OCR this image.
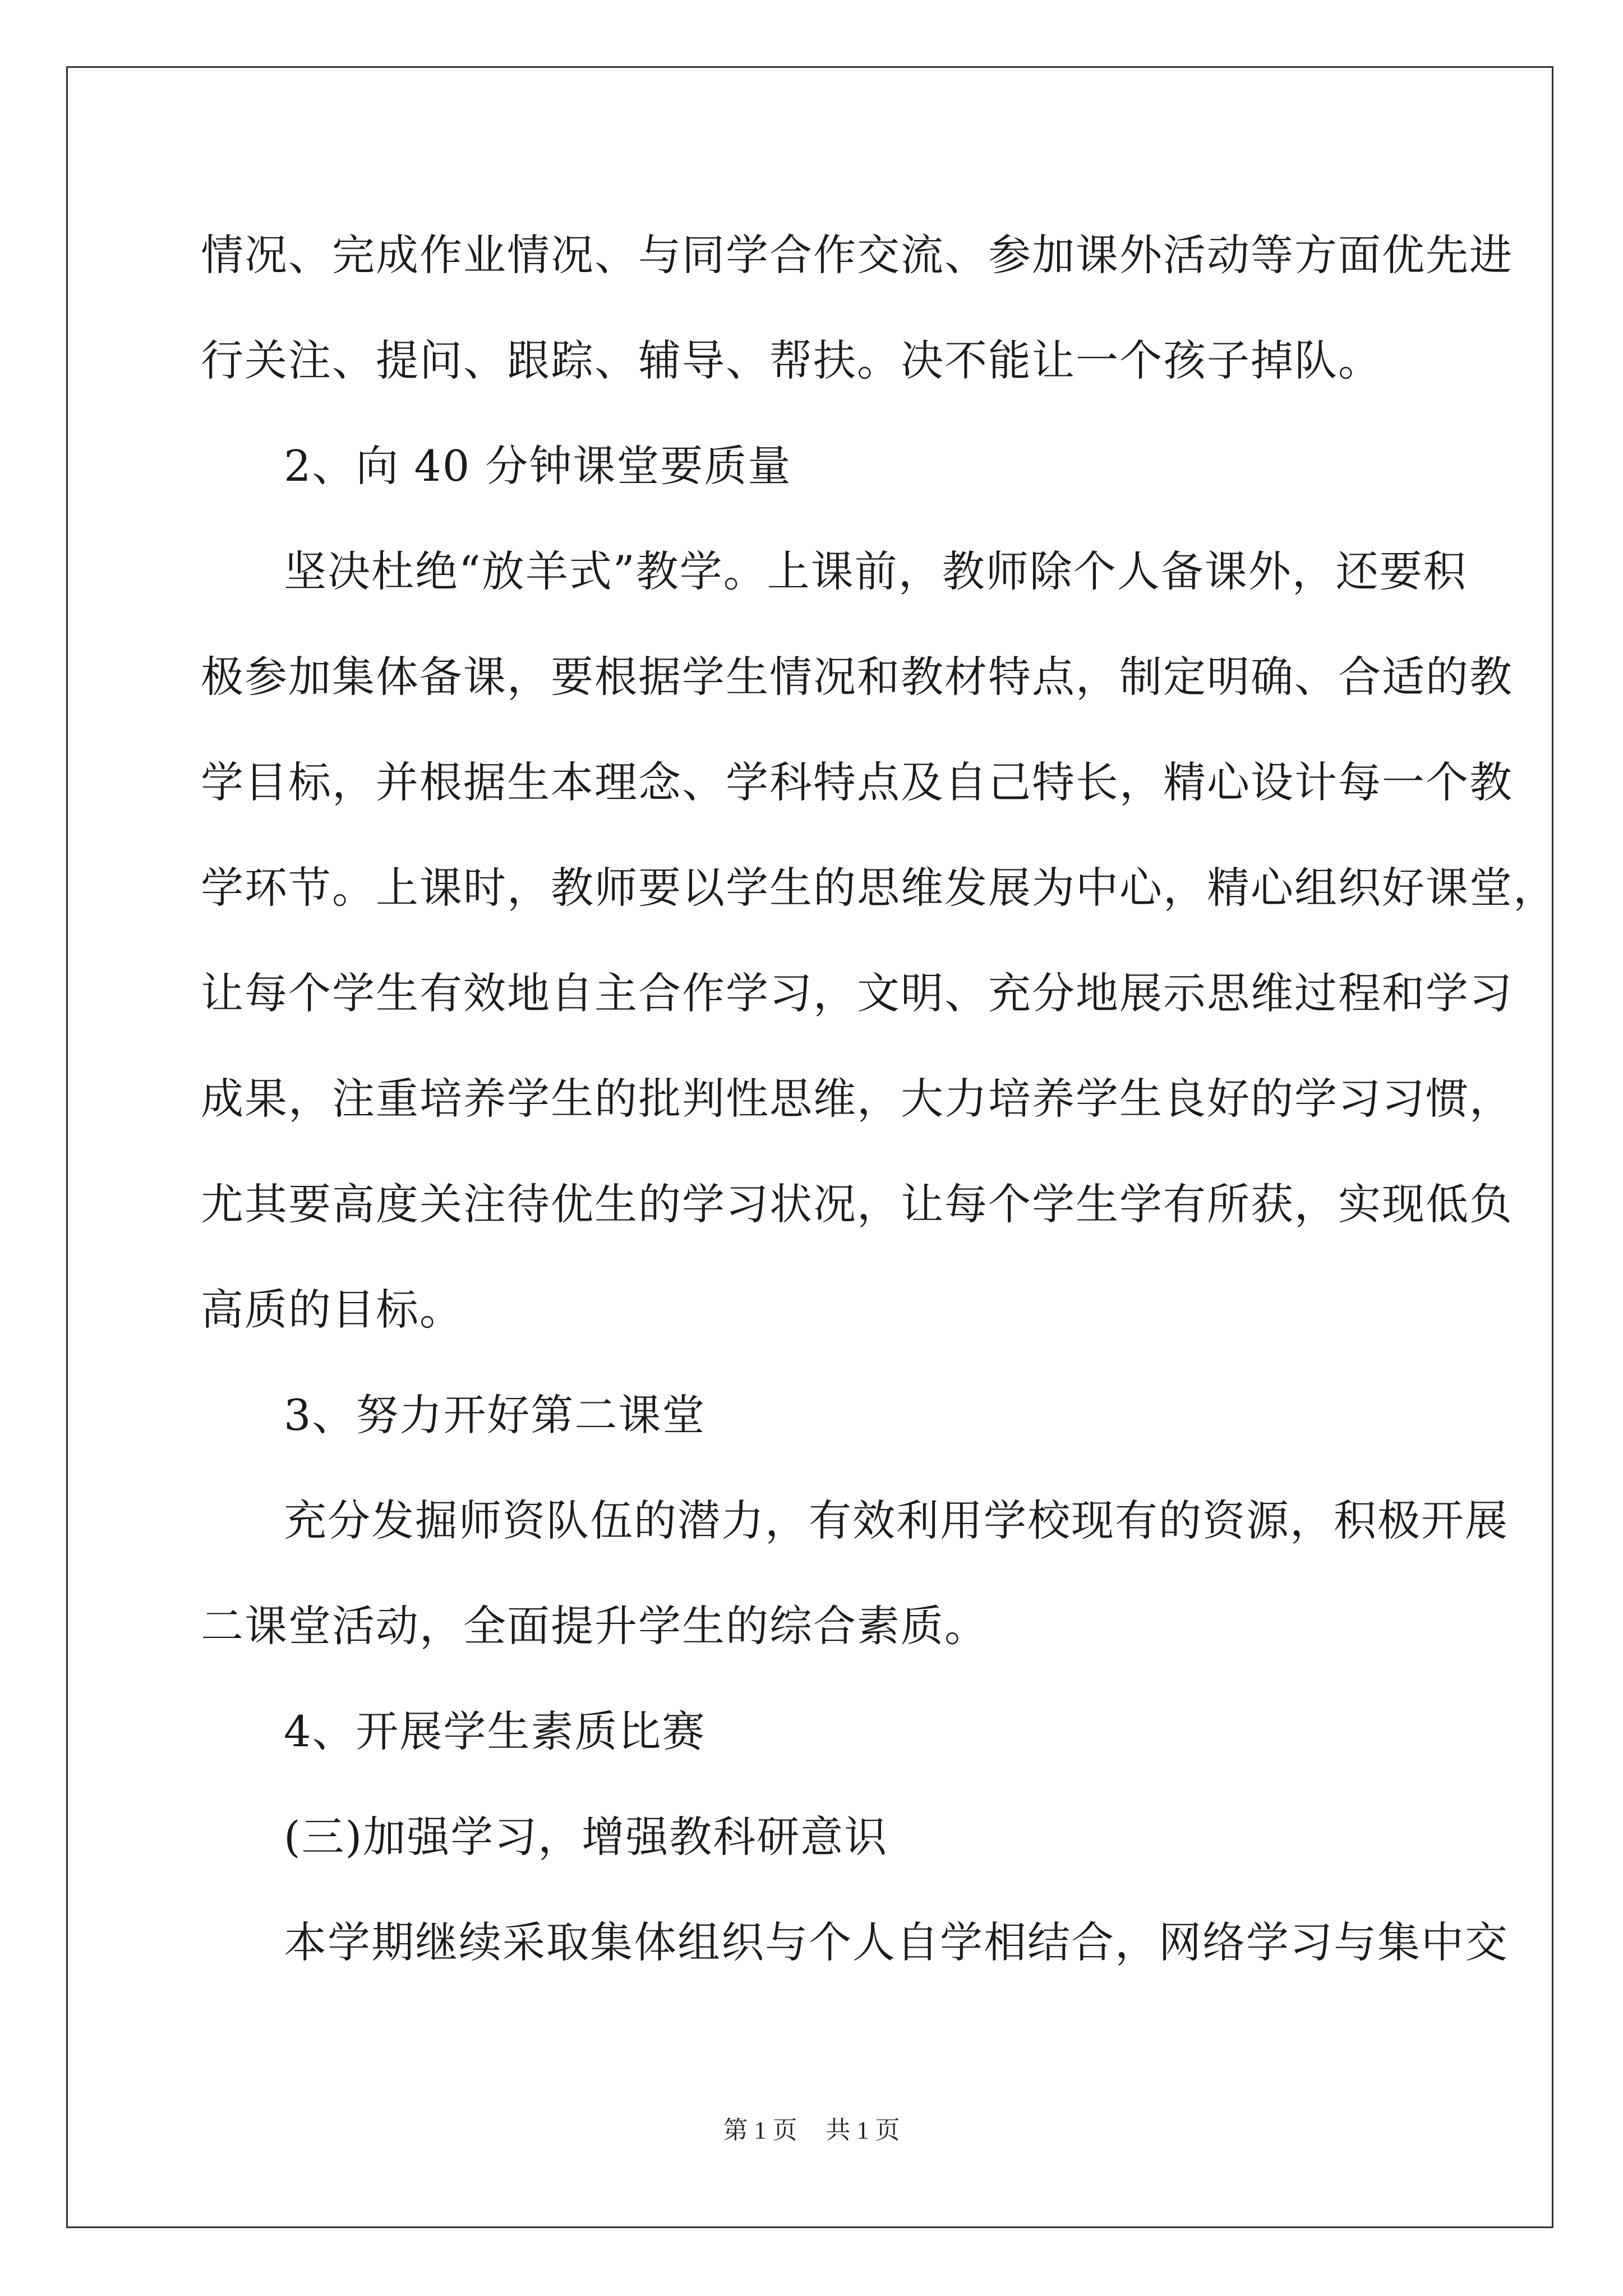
情况、完成作业情况、与同学合作交流、参加课外活动等方面优先进
行关注、提问、跟踪、辅导、帮扶。决不能让一个孩子掉队。
2、向 40 分钟课堂要质量
坚决杜绝“放羊式”教学。上课前，教师除个人备课外，还要积
极参加集体备课，要根据学生情况和教材特点，制定明确、合适的教
学目标，并根据生本理念、学科特点及自己特长，精心设计每一个教
学环节。上课时，教师要以学生的思维发展为中心，精心组织好课堂，
让每个学生有效地自主合作学习，文明、充分地展示思维过程和学习
成果，注重培养学生的批判性思维，大力培养学生良好的学习习惯，
尤其要高度关注待优生的学习状况，让每个学生学有所获，实现低负
高质的目标。
3、努力开好第二课堂
充分发掘师资队伍的潜力，有效利用学校现有的资源，积极开展
二课堂活动，全面提升学生的综合素质。
4、开展学生素质比赛
(三)加强学习，增强教科研意识
本学期继续采取集体组织与个人自学相结合，网络学习与集中交
第 1 页 共 1 页
